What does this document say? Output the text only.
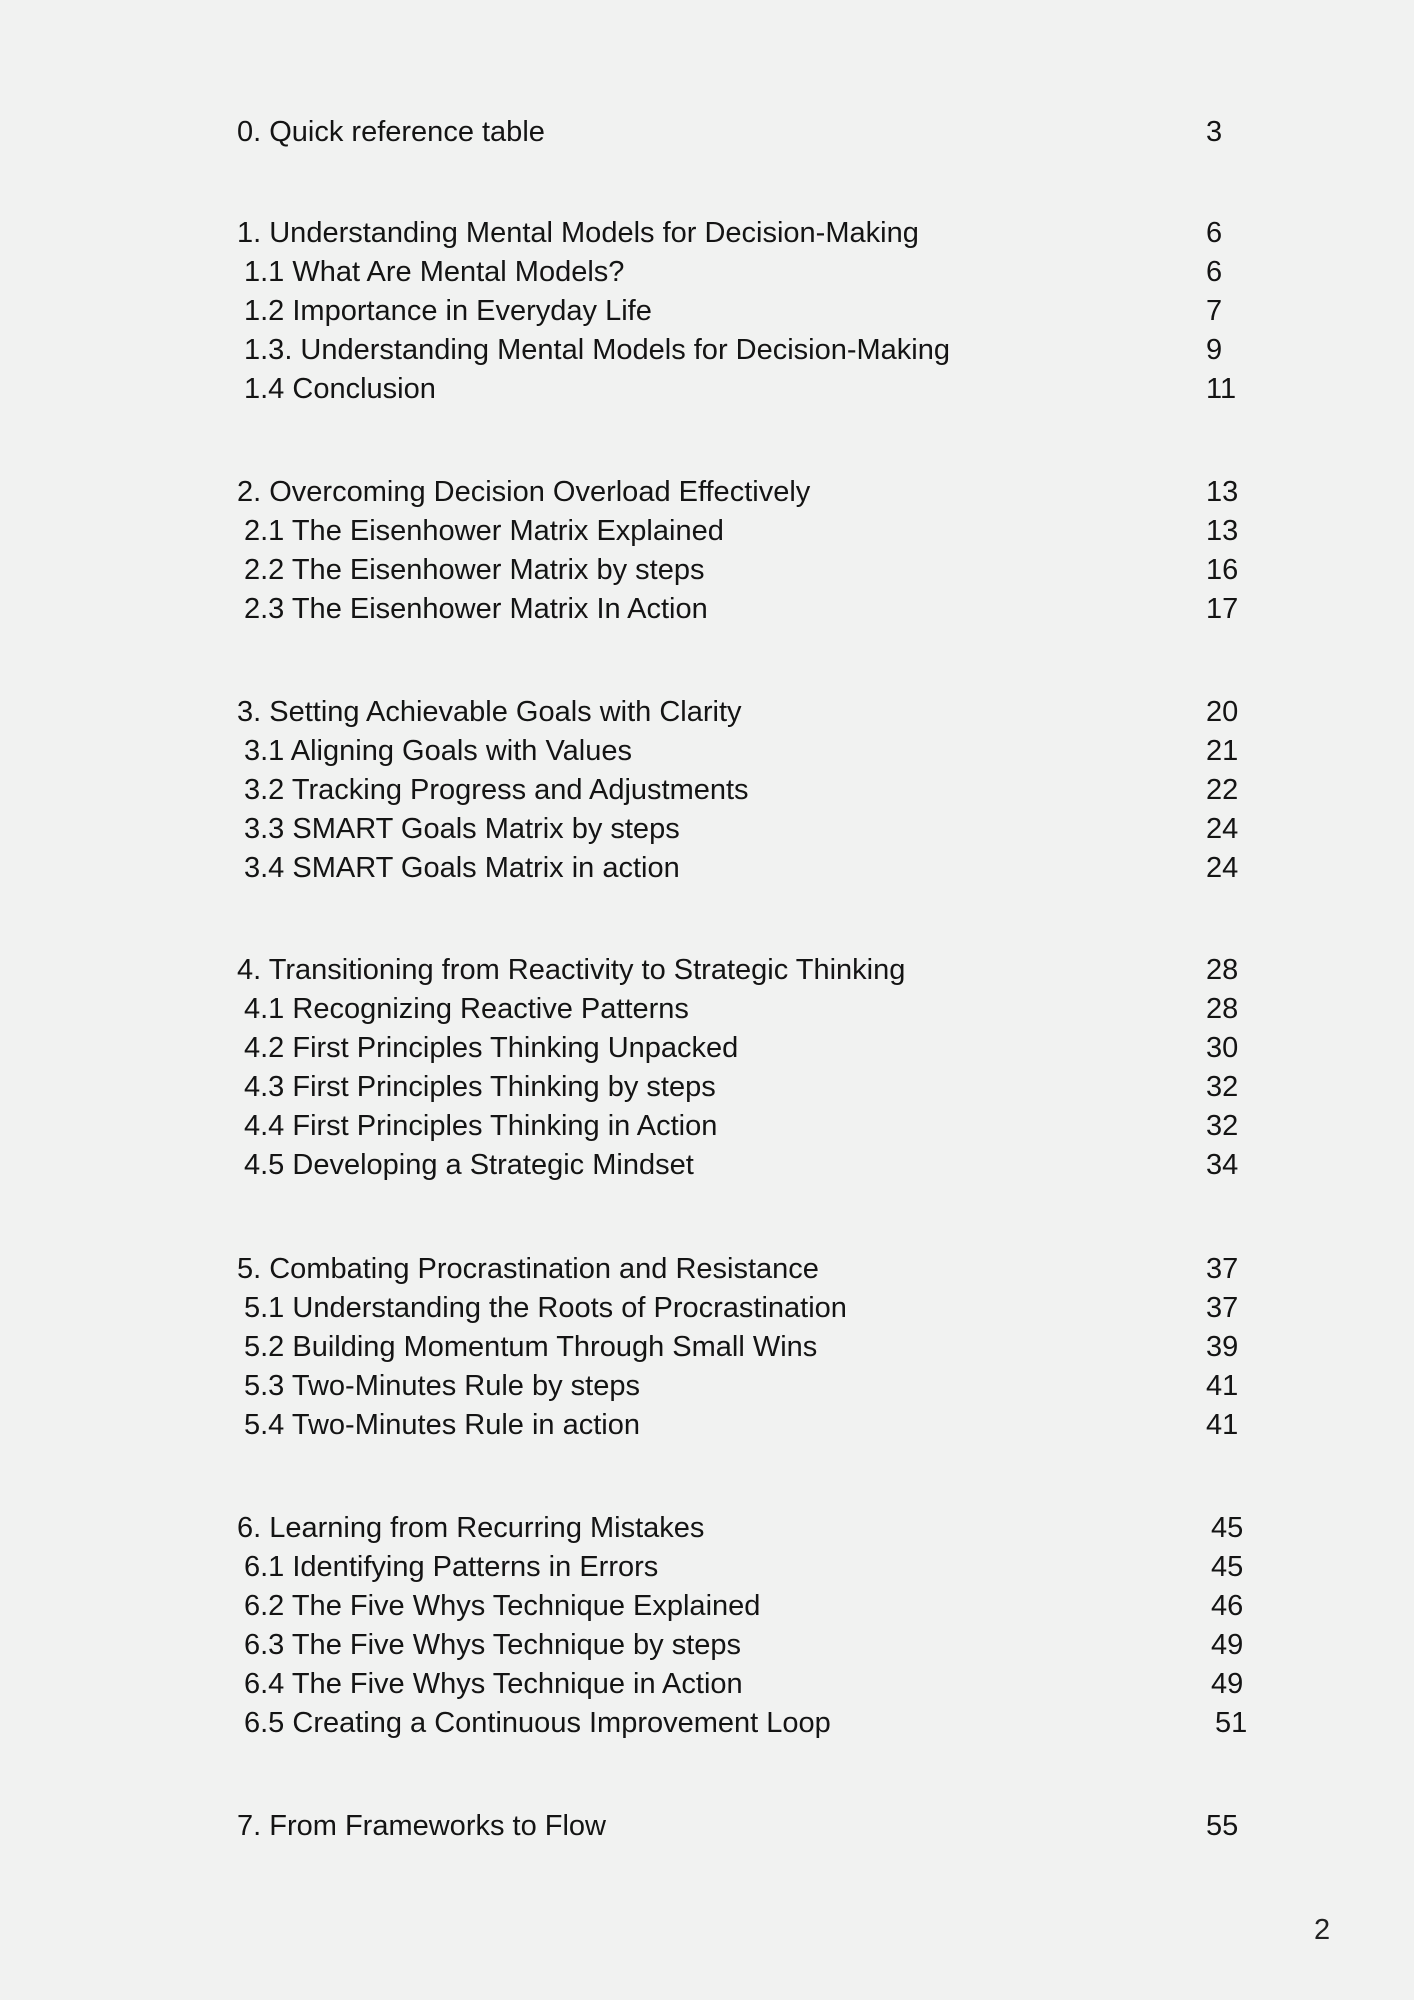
0. Quick reference table	3
1. Understanding Mental Models for Decision-Making	6
1.1 What Are Mental Models?	6
1.2 Importance in Everyday Life	7
1.3. Understanding Mental Models for Decision-Making	9
1.4 Conclusion	11
2. Overcoming Decision Overload Effectively	13
2.1 The Eisenhower Matrix Explained	13
2.2 The Eisenhower Matrix by steps	16
2.3 The Eisenhower Matrix In Action	17
3. Setting Achievable Goals with Clarity	20
3.1 Aligning Goals with Values	21
3.2 Tracking Progress and Adjustments	22
3.3 SMART Goals Matrix by steps	24
3.4 SMART Goals Matrix in action	24
4. Transitioning from Reactivity to Strategic Thinking	28
4.1 Recognizing Reactive Patterns	28
4.2 First Principles Thinking Unpacked	30
4.3 First Principles Thinking by steps	32
4.4 First Principles Thinking in Action	32
4.5 Developing a Strategic Mindset	34
5. Combating Procrastination and Resistance	37
5.1 Understanding the Roots of Procrastination	37
5.2 Building Momentum Through Small Wins	39
5.3 Two-Minutes Rule by steps	41
5.4 Two-Minutes Rule in action	41
6. Learning from Recurring Mistakes	45
6.1 Identifying Patterns in Errors	45
6.2 The Five Whys Technique Explained	46
6.3 The Five Whys Technique by steps	49
6.4 The Five Whys Technique in Action	49
6.5 Creating a Continuous Improvement Loop	51
7. From Frameworks to Flow	55
2
